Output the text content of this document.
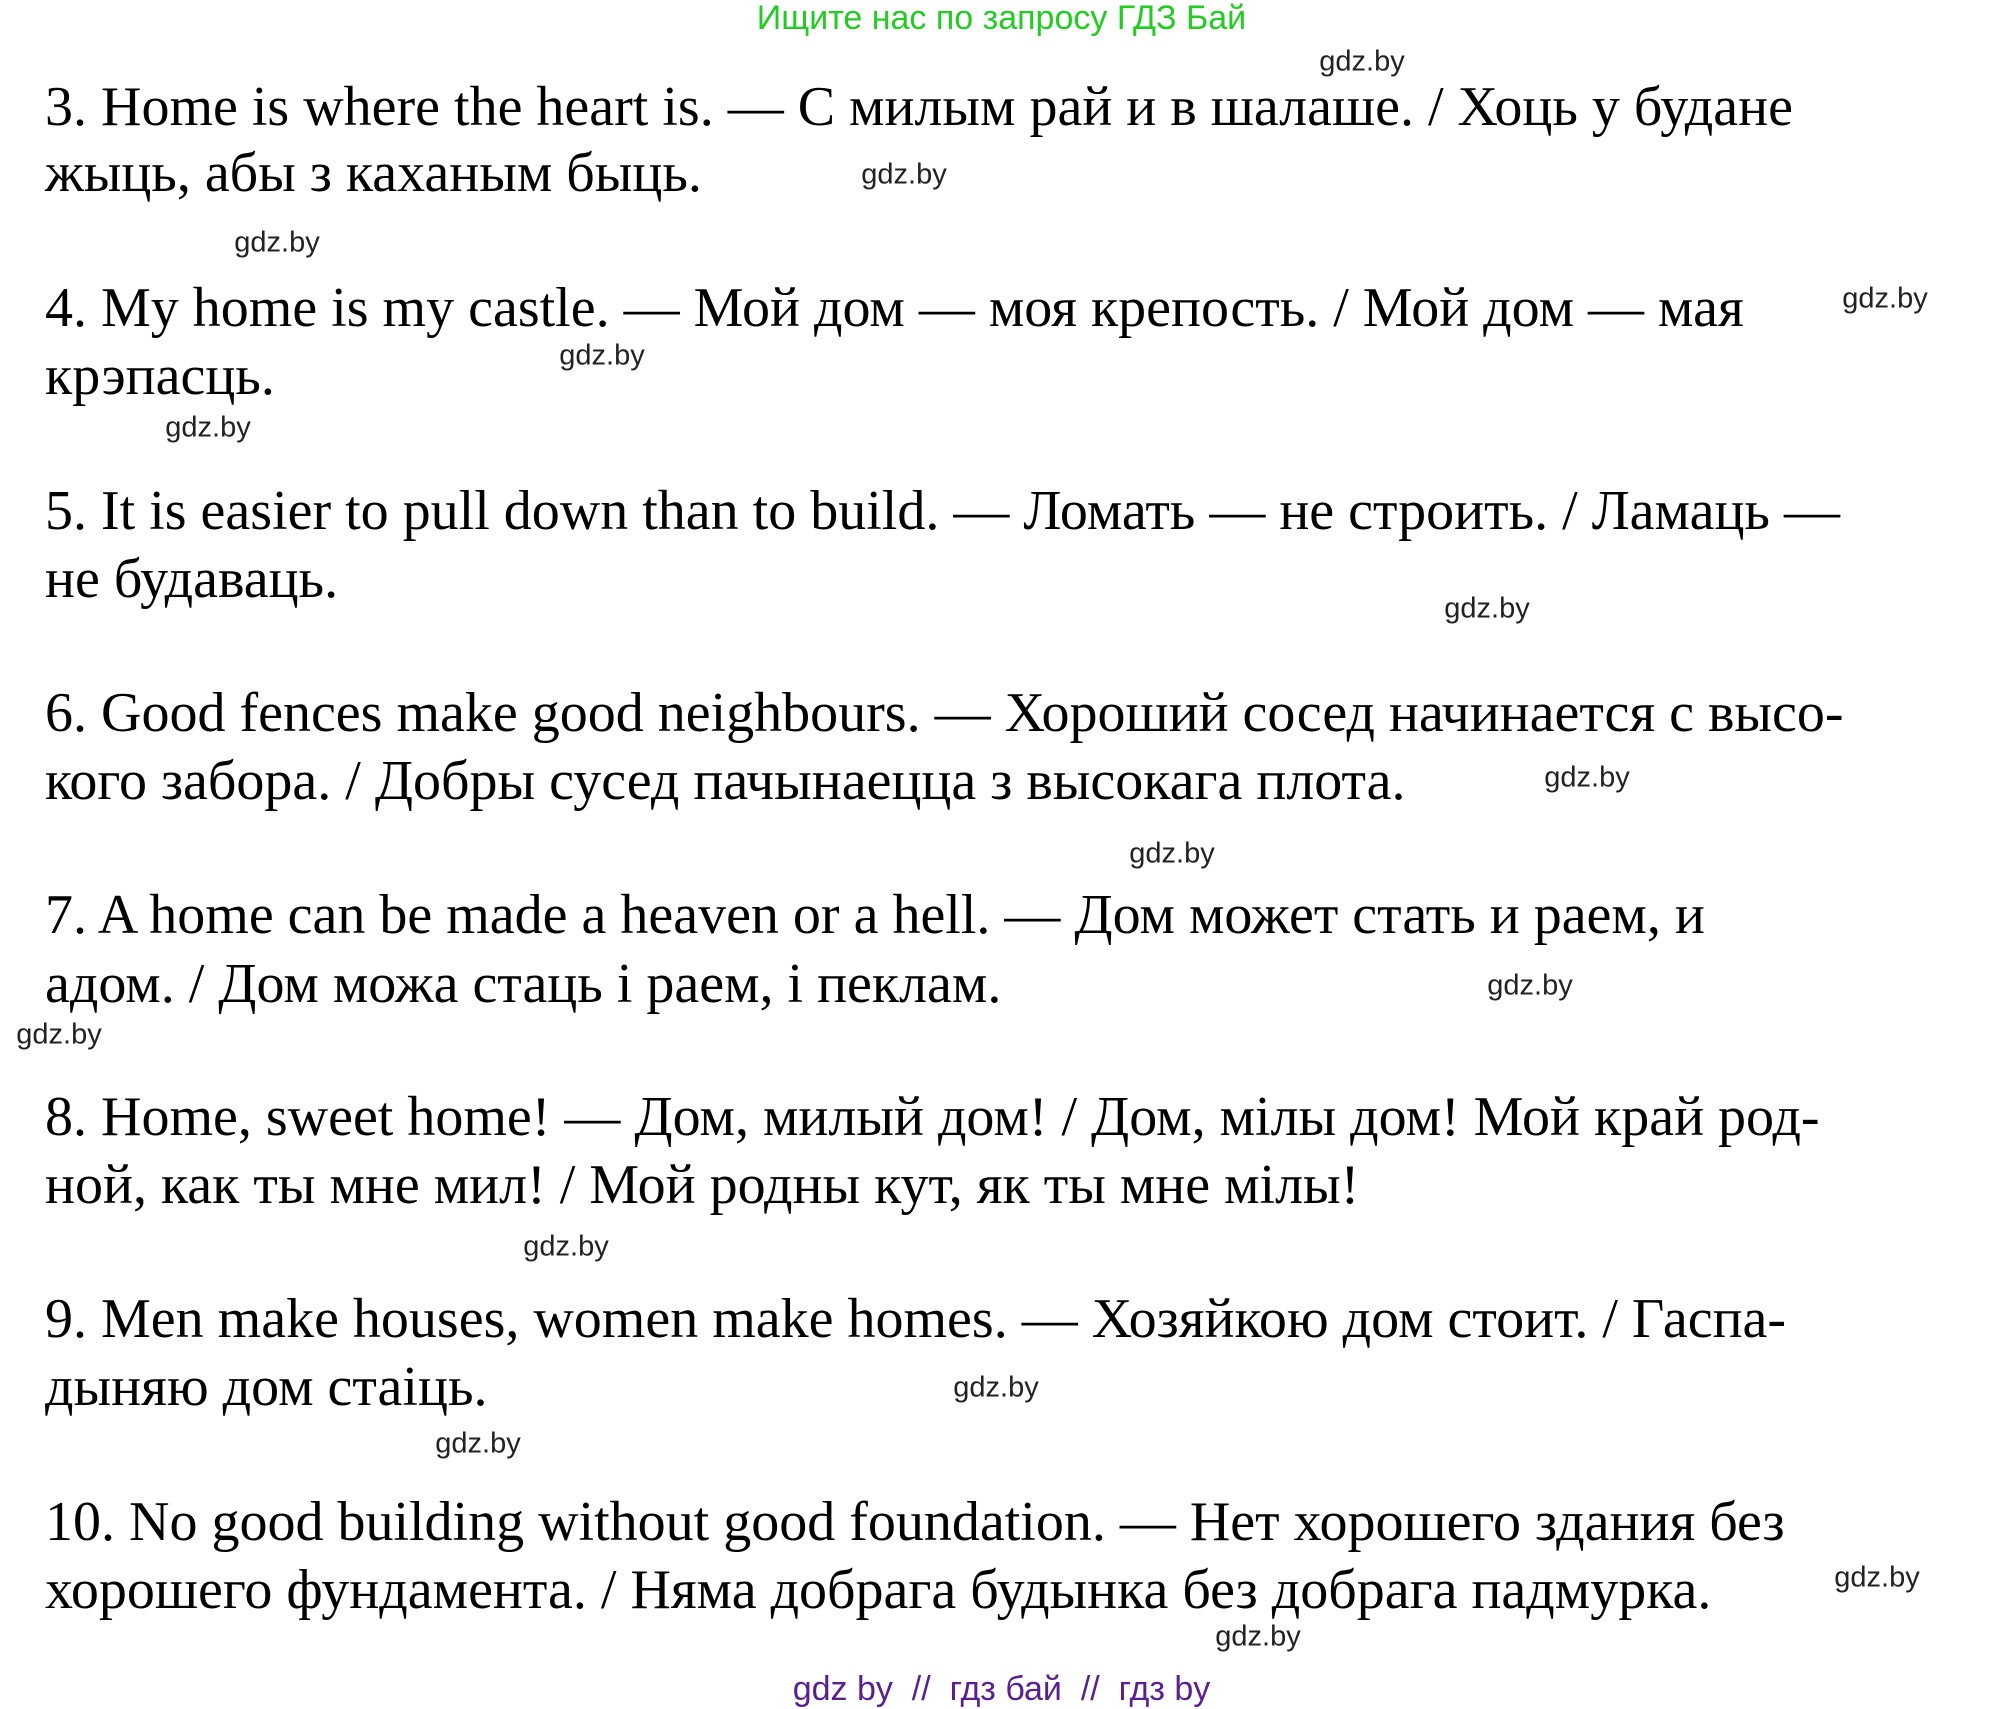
Ищите нас по запросу ГДЗ Бай
3. Home is where the heart is. — С милым рай и в шалаше. / Хоць у будане
жыць, абы з каханым быць.
4. My home is my castle. — Мой дом — моя крепость. / Мой дом — мая
крэпасць.
5. It is easier to pull down than to build. — Ломать — не строить. / Ламаць —
не будаваць.
6. Good fences make good neighbours. — Хороший сосед начинается с высо-
кого забора. / Добры сусед пачынаецца з высокага плота.
7. A home can be made a heaven or a hell. — Дом может стать и раем, и
адом. / Дом можа стаць і раем, і пеклам.
8. Home, sweet home! — Дом, милый дом! / Дом, мілы дом! Мой край род-
ной, как ты мне мил! / Мой родны кут, як ты мне мілы!
9. Men make houses, women make homes. — Хозяйкою дом стоит. / Гаспа-
дыняю дом стаіць.
10. No good building without good foundation. — Нет хорошего здания без
хорошего фундамента. / Няма добрага будынка без добрага падмурка.
gdz.by
gdz.by
gdz.by
gdz.by
gdz.by
gdz.by
gdz.by
gdz.by
gdz.by
gdz.by
gdz.by
gdz.by
gdz.by
gdz.by
gdz.by
gdz.by
gdz by  //  гдз бай  //  гдз by
